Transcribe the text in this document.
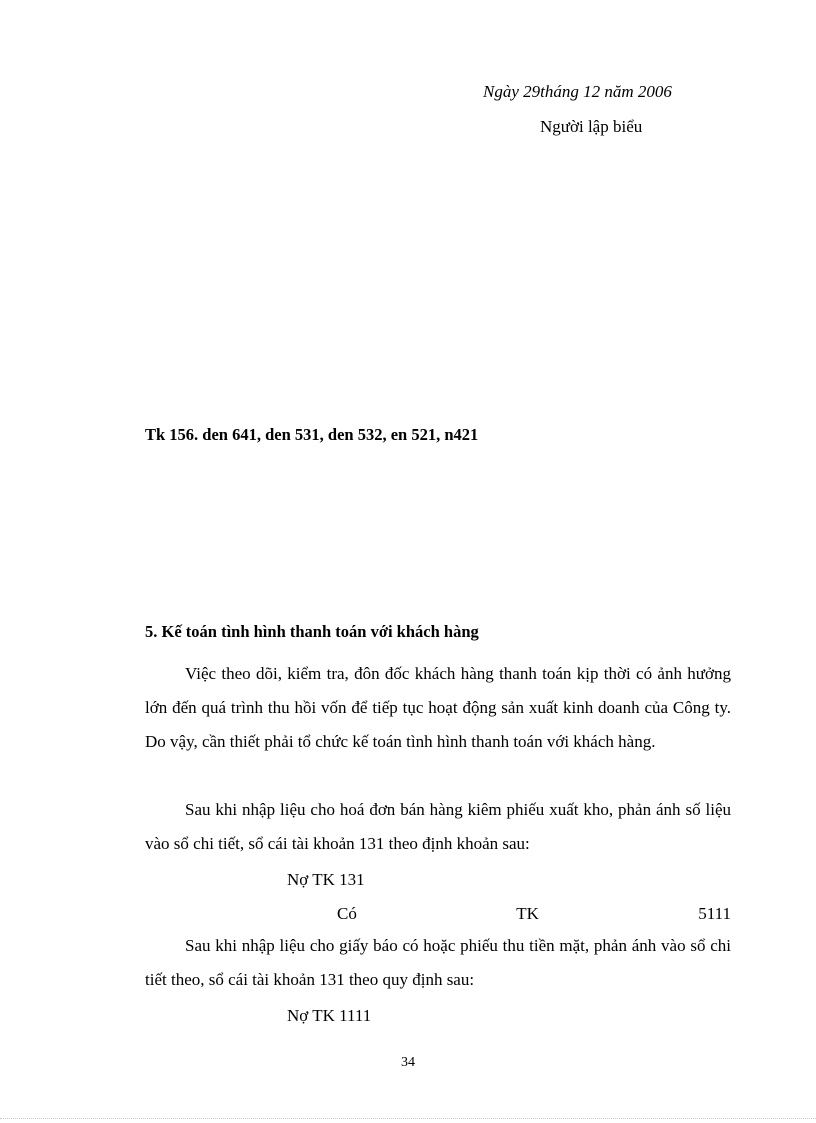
Ngày 29tháng 12 năm 2006
Người lập biểu
Tk 156. den 641, den 531, den 532, en 521, n421
5. Kế toán tình hình thanh toán với khách hàng

Việc theo dõi, kiểm tra, đôn đốc khách hàng thanh toán kịp thời có ảnh hưởng lớn đến quá trình thu hồi vốn để tiếp tục hoạt động sản xuất kinh doanh của Công ty. Do vậy, cần thiết phải tổ chức kế toán tình hình thanh toán với khách hàng.

Sau khi nhập liệu cho hoá đơn bán hàng kiêm phiếu xuất kho, phản ánh số liệu vào sổ chi tiết, sổ cái tài khoản 131 theo định khoản sau:

Nợ TK 131
Có	TK	5111

Sau khi nhập liệu cho giấy báo có hoặc phiếu thu tiền mặt, phản ánh vào sổ chi tiết theo, sổ cái tài khoản 131 theo quy định sau:

Nợ TK 1111
34
